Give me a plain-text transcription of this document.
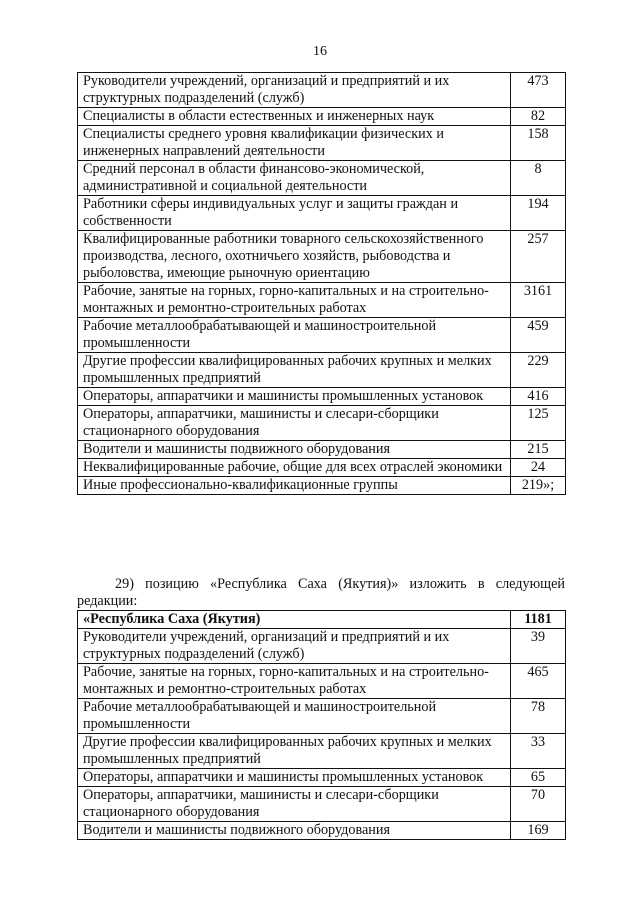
16
Руководители учреждений, организаций и предприятий и их структурных подразделений (служб)	473
Специалисты в области естественных и инженерных наук	82
Специалисты среднего уровня квалификации физических и инженерных направлений деятельности	158
Средний персонал в области финансово-экономической, административной и социальной деятельности	8
Работники сферы индивидуальных услуг и защиты граждан и собственности	194
Квалифицированные работники товарного сельскохозяйственного производства, лесного, охотничьего хозяйств, рыбоводства и рыболовства, имеющие рыночную ориентацию	257
Рабочие, занятые на горных, горно-капитальных и на строительно-монтажных и ремонтно-строительных работах	3161
Рабочие металлообрабатывающей и машиностроительной промышленности	459
Другие профессии квалифицированных рабочих крупных и мелких промышленных предприятий	229
Операторы, аппаратчики и машинисты промышленных установок	416
Операторы, аппаратчики, машинисты и слесари-сборщики стационарного оборудования	125
Водители и машинисты подвижного оборудования	215
Неквалифицированные рабочие, общие для всех отраслей экономики	24
Иные профессионально-квалификационные группы	219»;
29) позицию «Республика Саха (Якутия)» изложить в следующей редакции:
«Республика Саха (Якутия)	1181
Руководители учреждений, организаций и предприятий и их структурных подразделений (служб)	39
Рабочие, занятые на горных, горно-капитальных и на строительно-монтажных и ремонтно-строительных работах	465
Рабочие металлообрабатывающей и машиностроительной промышленности	78
Другие профессии квалифицированных рабочих крупных и мелких промышленных предприятий	33
Операторы, аппаратчики и машинисты промышленных установок	65
Операторы, аппаратчики, машинисты и слесари-сборщики стационарного оборудования	70
Водители и машинисты подвижного оборудования	169
